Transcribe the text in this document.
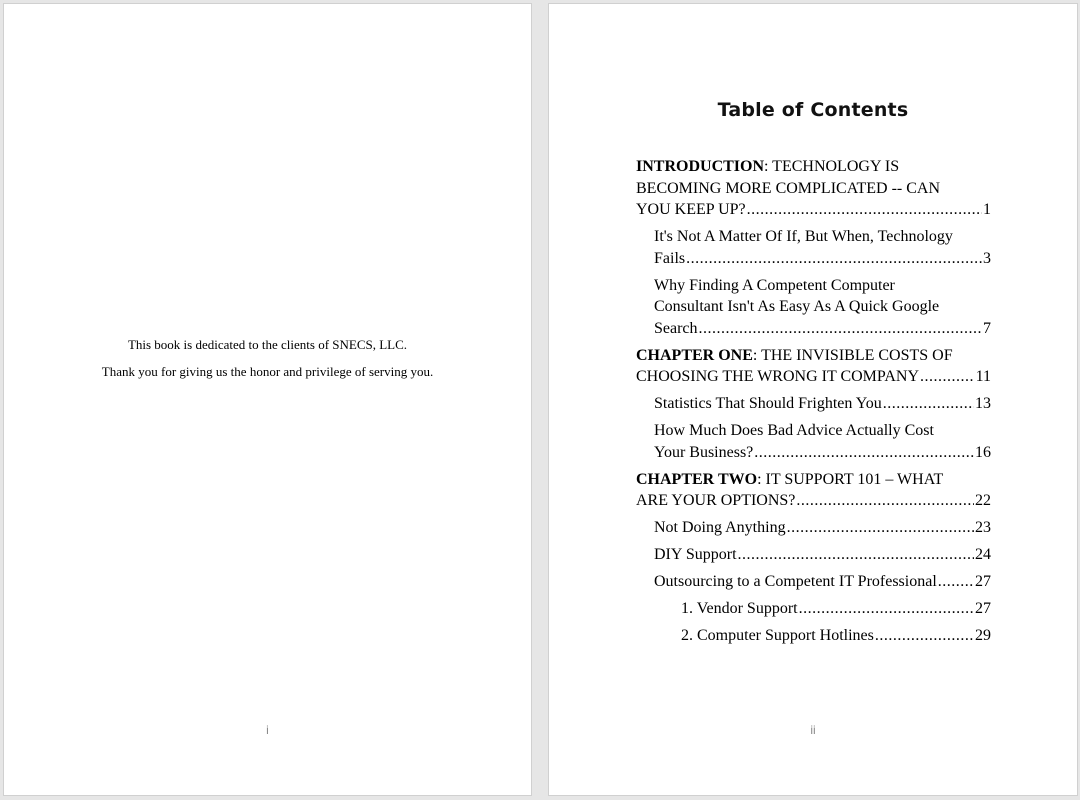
This book is dedicated to the clients of SNECS, LLC.

Thank you for giving us the honor and privilege of serving you.

i
Table of Contents
INTRODUCTION: TECHNOLOGY IS
BECOMING MORE COMPLICATED -- CAN
YOU KEEP UP? .....	1
It's Not A Matter Of If, But When, Technology
Fails .....	3
Why Finding A Competent Computer
Consultant Isn't As Easy As A Quick Google
Search .....	7
CHAPTER ONE: THE INVISIBLE COSTS OF
CHOOSING THE WRONG IT COMPANY .....	11
Statistics That Should Frighten You .....	13
How Much Does Bad Advice Actually Cost
Your Business? .....	16
CHAPTER TWO: IT SUPPORT 101 – WHAT
ARE YOUR OPTIONS? .....	22
Not Doing Anything .....	23
DIY Support .....	24
Outsourcing to a Competent IT Professional ..... 27
1. Vendor Support .....	27
2. Computer Support Hotlines .....	29
ii
